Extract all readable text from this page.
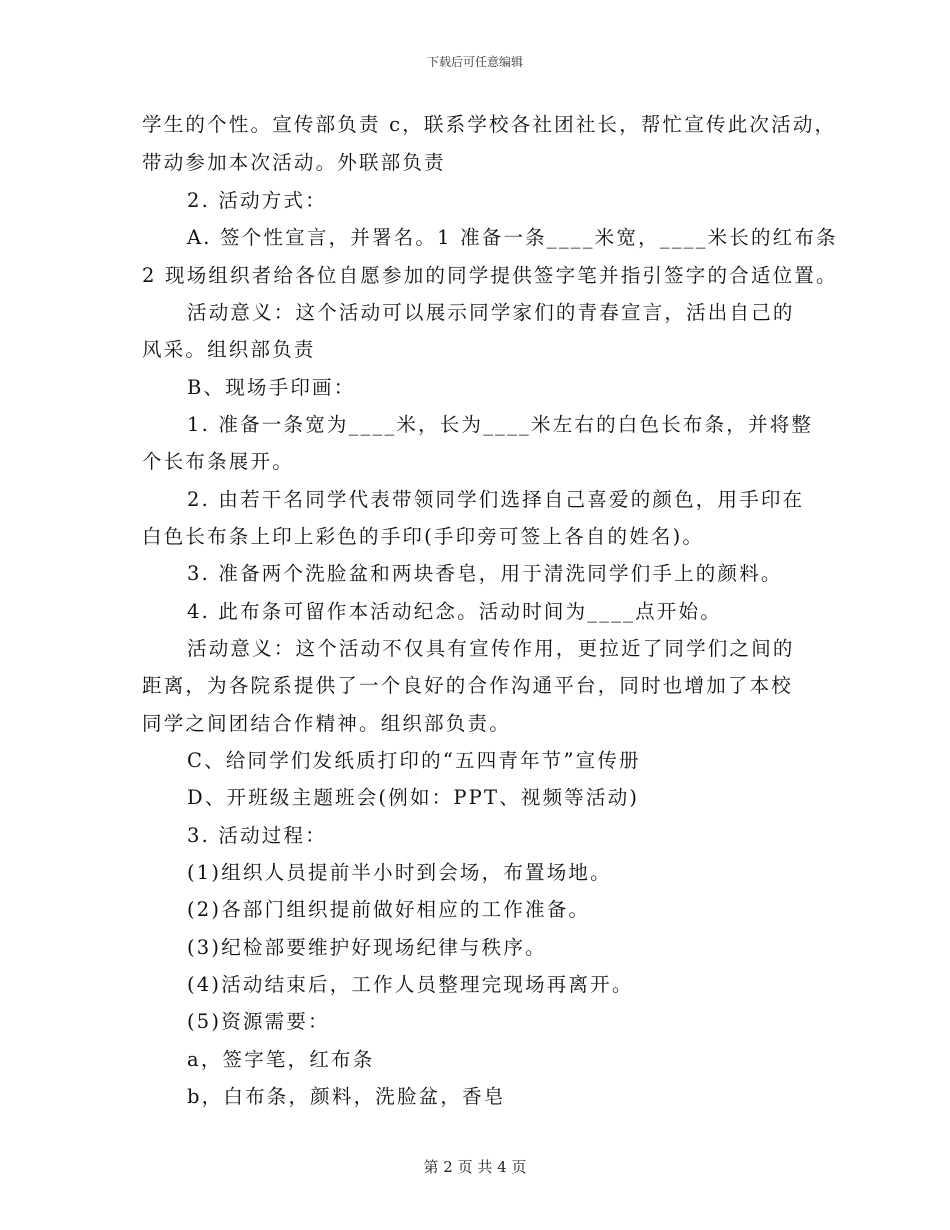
下载后可任意编辑
学生的个性。宣传部负责 c，联系学校各社团社长，帮忙宣传此次活动，
带动参加本次活动。外联部负责
2. 活动方式：
A. 签个性宣言，并署名。1 准备一条____米宽，____米长的红布条
2 现场组织者给各位自愿参加的同学提供签字笔并指引签字的合适位置。
活动意义：这个活动可以展示同学家们的青春宣言，活出自己的
风采。组织部负责
B、现场手印画：
1. 准备一条宽为____米，长为____米左右的白色长布条，并将整
个长布条展开。
2. 由若干名同学代表带领同学们选择自己喜爱的颜色，用手印在
白色长布条上印上彩色的手印(手印旁可签上各自的姓名)。
3. 准备两个洗脸盆和两块香皂，用于清洗同学们手上的颜料。
4. 此布条可留作本活动纪念。活动时间为____点开始。
活动意义：这个活动不仅具有宣传作用，更拉近了同学们之间的
距离，为各院系提供了一个良好的合作沟通平台，同时也增加了本校
同学之间团结合作精神。组织部负责。
C、给同学们发纸质打印的“五四青年节”宣传册
D、开班级主题班会(例如：PPT、视频等活动)
3. 活动过程：
(1)组织人员提前半小时到会场，布置场地。
(2)各部门组织提前做好相应的工作准备。
(3)纪检部要维护好现场纪律与秩序。
(4)活动结束后，工作人员整理完现场再离开。
(5)资源需要：
a，签字笔，红布条
b，白布条，颜料，洗脸盆，香皂
第 2 页 共 4 页
